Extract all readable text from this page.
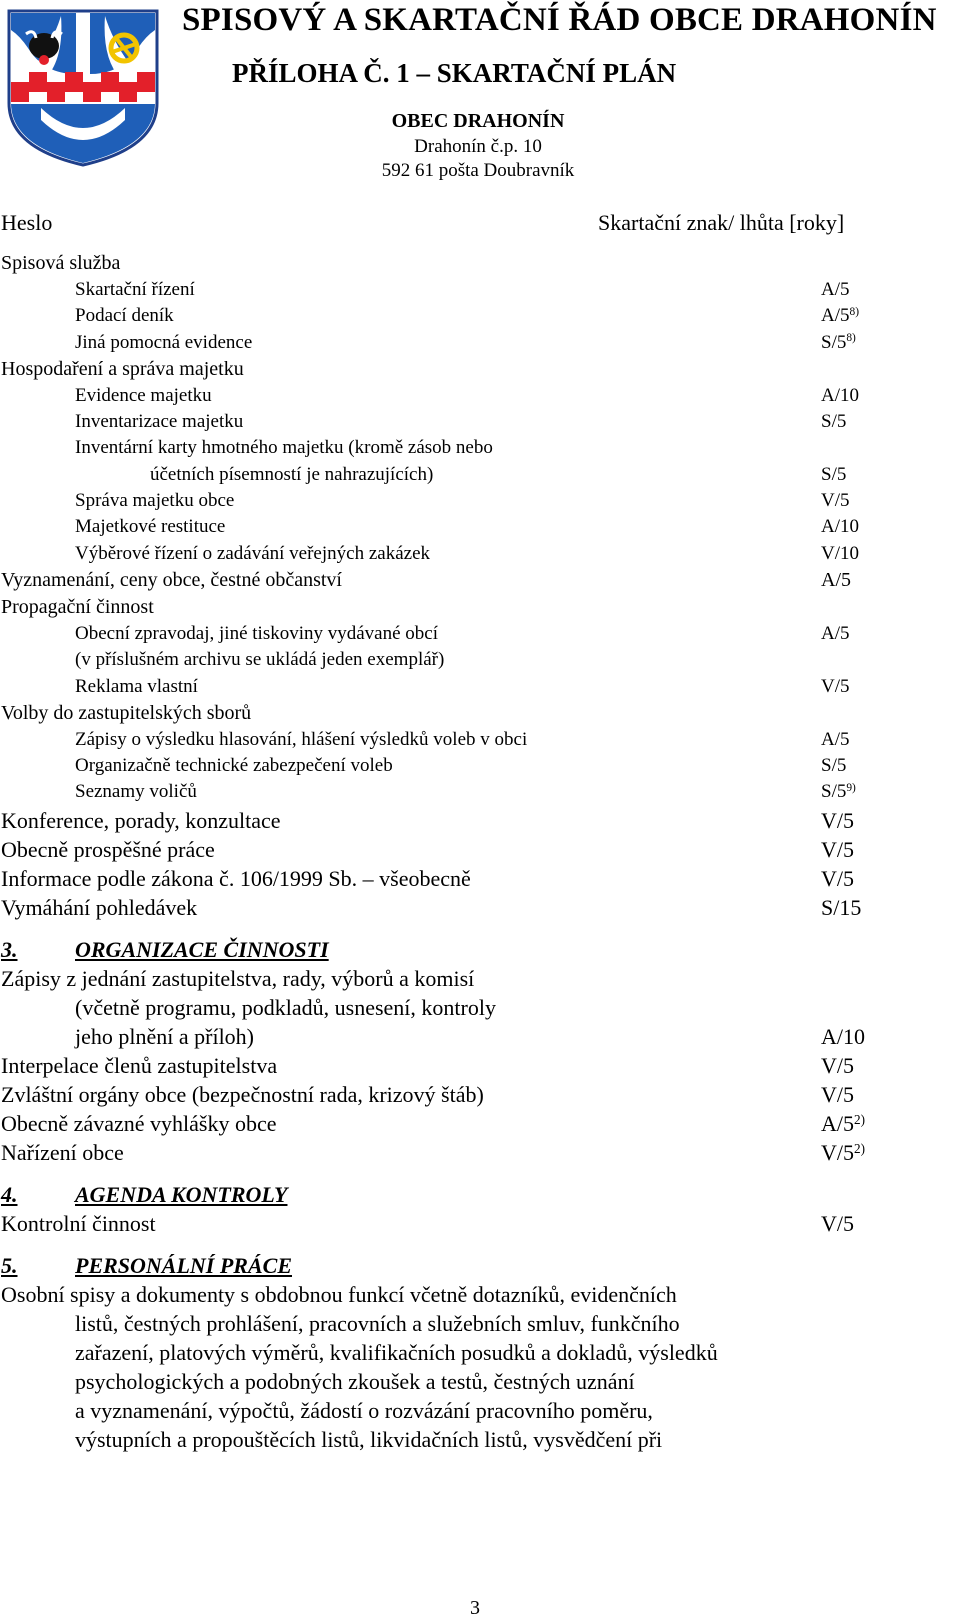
SPISOVÝ A SKARTAČNÍ ŘÁD OBCE DRAHONÍN
PŘÍLOHA Č. 1 – SKARTAČNÍ PLÁN
OBEC DRAHONÍN
Drahonín č.p. 10
592 61 pošta Doubravník
Heslo	Skartační znak/ lhůta [roky]
Spisová služba
Skartační řízení	A/5
Podací deník	A/5$^{8)}$
Jiná pomocná evidence	S/5$^{8)}$
Hospodaření a správa majetku
Evidence majetku	A/10
Inventarizace majetku	S/5
Inventární karty hmotného majetku (kromě zásob nebo
účetních písemností je nahrazujících)	S/5
Správa majetku obce	V/5
Majetkové restituce	A/10
Výběrové řízení o zadávání veřejných zakázek	V/10
Vyznamenání, ceny obce, čestné občanství	A/5
Propagační činnost
Obecní zpravodaj, jiné tiskoviny vydávané obcí	A/5
(v příslušném archivu se ukládá jeden exemplář)
Reklama vlastní	V/5
Volby do zastupitelských sborů
Zápisy o výsledku hlasování, hlášení výsledků voleb v obci	A/5
Organizačně technické zabezpečení voleb	S/5
Seznamy voličů	S/5$^{9)}$
Konference, porady, konzultace	V/5
Obecně prospěšné práce	V/5
Informace podle zákona č. 106/1999 Sb. – všeobecně	V/5
Vymáhání pohledávek	S/15
3.	ORGANIZACE ČINNOSTI
Zápisy z jednání zastupitelstva, rady, výborů a komisí
(včetně programu, podkladů, usnesení, kontroly
jeho plnění a příloh)	A/10
Interpelace členů zastupitelstva	V/5
Zvláštní orgány obce (bezpečnostní rada, krizový štáb)	V/5
Obecně závazné vyhlášky obce	A/5$^{2)}$
Nařízení obce	V/5$^{2)}$
4.	AGENDA KONTROLY
Kontrolní činnost	V/5
5.	PERSONÁLNÍ PRÁCE
Osobní spisy a dokumenty s obdobnou funkcí včetně dotazníků, evidenčních
listů, čestných prohlášení, pracovních a služebních smluv, funkčního
zařazení, platových výměrů, kvalifikačních posudků a dokladů, výsledků
psychologických a podobných zkoušek a testů, čestných uznání
a vyznamenání, výpočtů, žádostí o rozvázání pracovního poměru,
výstupních a propouštěcích listů, likvidačních listů, vysvědčení při
3
